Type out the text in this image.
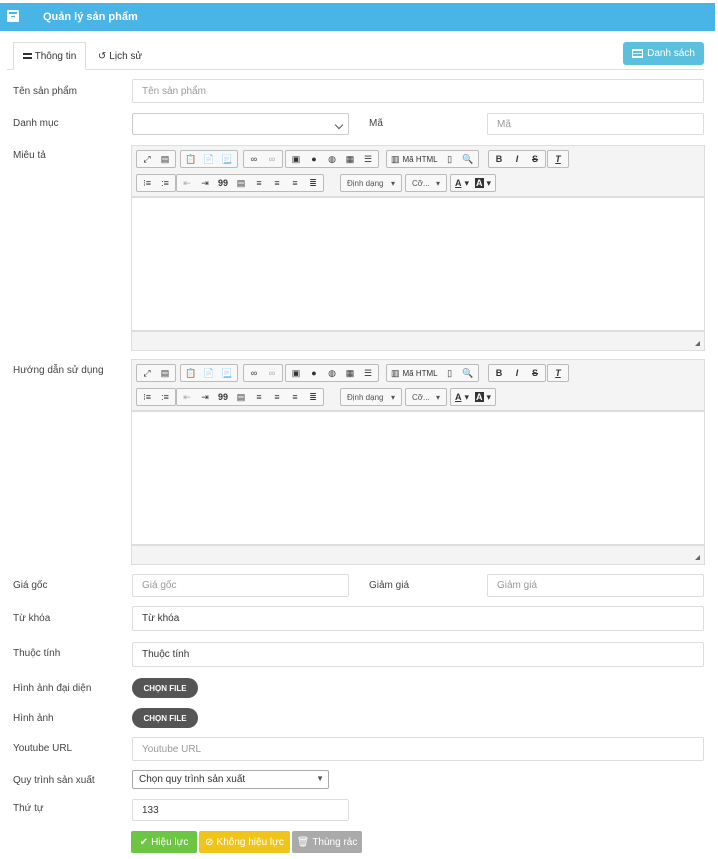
Quản lý sản phẩm
Thông tin ↺ Lịch sử	Danh sách
Tên sản phẩm	Tên sản phẩm
Danh mục	Mã	Mã
Miêu tả	⤢	▤	📋 📄 📃	∞	∞	▣	●	◍	▦	☰	▥ Mã HTML	▯	🔍	B	I	S	T
⁝≡	:≡	⇤	⇥	99 ▤	≡	≡	≡	≣	Định dạng ▾ Cỡ... ▾ A ▾ A ▾
Hướng dẫn sử dụng	⤢	▤	📋 📄 📃	∞	∞	▣	●	◍	▦	☰	▥ Mã HTML	▯	🔍	B	I	S	T
⁝≡	:≡	⇤	⇥	99 ▤	≡	≡	≡	≣	Định dạng ▾ Cỡ... ▾ A ▾ A ▾
Giá gốc	Giá gốc	Giảm giá	Giảm giá
Từ khóa	Từ khóa
Thuộc tính	Thuộc tính
Hình ảnh đại diện	CHỌN FILE
Hình ảnh	CHỌN FILE
Youtube URL	Youtube URL
Quy trình sản xuất	Chọn quy trình sản xuất	▼
Thứ tự	133
✔ Hiệu lực ⊘ Không hiệu lực 🗑 Thùng rác
